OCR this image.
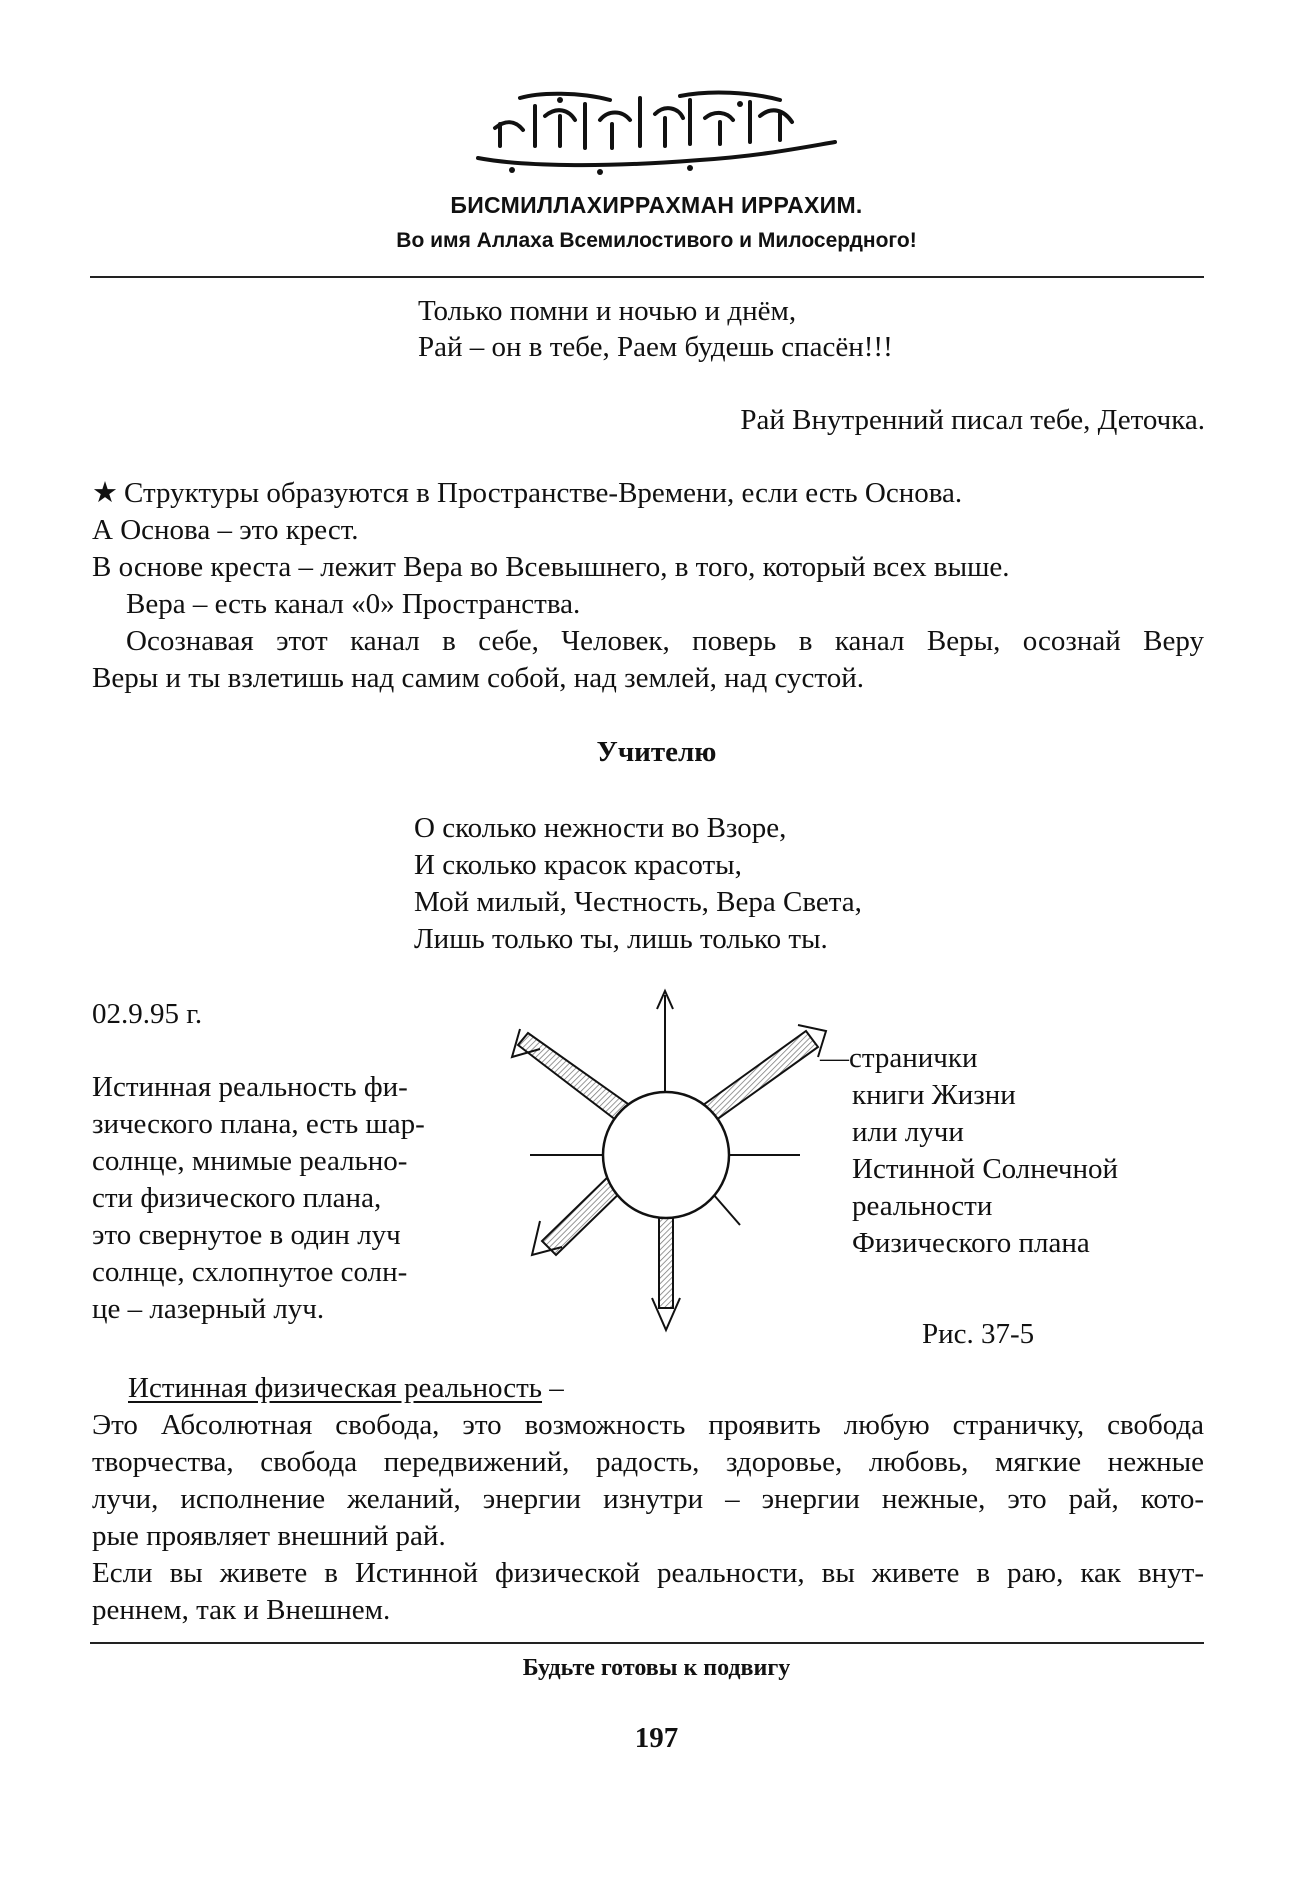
БИСМИЛЛАХИРРАХМАН ИРРАХИМ.
Во имя Аллаха Всемилостивого и Милосердного!
Только помни и ночью и днём,
Рай – он в тебе, Раем будешь спасён!!!
Рай Внутренний писал тебе, Деточка.
★ Структуры образуются в Пространстве-Времени, если есть Основа.
А Основа – это крест.
В основе креста – лежит Вера во Всевышнего, в того, который всех выше.
Вера – есть канал «0» Пространства.
Осознавая этот канал в себе, Человек, поверь в канал Веры, осознай Веру
Веры и ты взлетишь над самим собой, над землей, над сустой.
Учителю
О сколько нежности во Взоре,
И сколько красок красоты,
Мой милый, Честность, Вера Света,
Лишь только ты, лишь только ты.
02.9.95 г.
Истинная реальность фи-
зического плана, есть шар-
солнце, мнимые реально-
сти физического плана,
это свернутое в один луч
солнце, схлопнутое солн-
це – лазерный луч.
—странички
книги Жизни
или лучи
Истинной Солнечной
реальности
Физического плана
Рис. 37-5
Истинная физическая реальность –
Это Абсолютная свобода, это возможность проявить любую страничку, свобода
творчества, свобода передвижений, радость, здоровье, любовь, мягкие нежные
лучи, исполнение желаний, энергии изнутри – энергии нежные, это рай, кото-
рые проявляет внешний рай.
Если вы живете в Истинной физической реальности, вы живете в раю, как внут-
реннем, так и Внешнем.
Будьте готовы к подвигу
197
